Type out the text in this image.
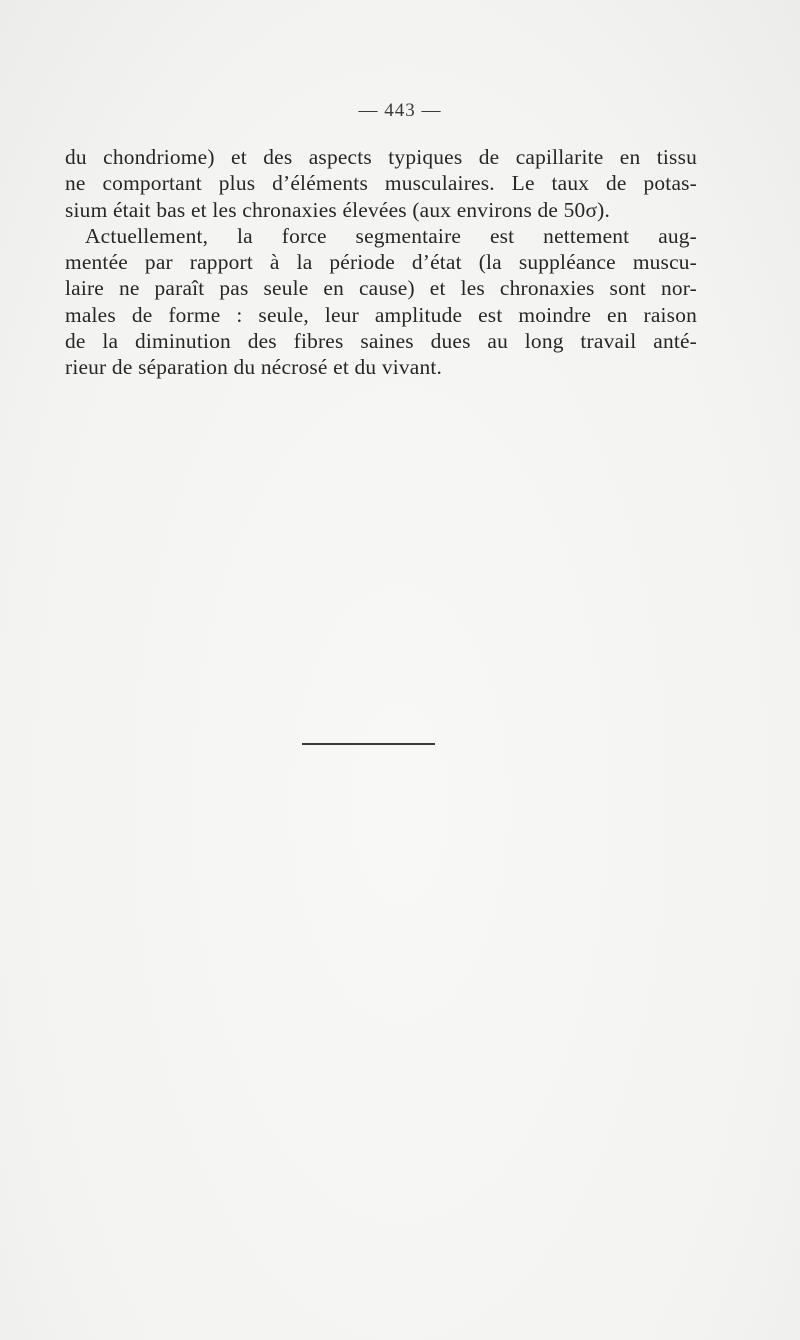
— 443 —
du chondriome) et des aspects typiques de capillarite en tissu
ne comportant plus d’éléments musculaires. Le taux de potas-
sium était bas et les chronaxies élevées (aux environs de 50σ).
Actuellement, la force segmentaire est nettement aug-
mentée par rapport à la période d’état (la suppléance muscu-
laire ne paraît pas seule en cause) et les chronaxies sont nor-
males de forme : seule, leur amplitude est moindre en raison
de la diminution des fibres saines dues au long travail anté-
rieur de séparation du nécrosé et du vivant.
